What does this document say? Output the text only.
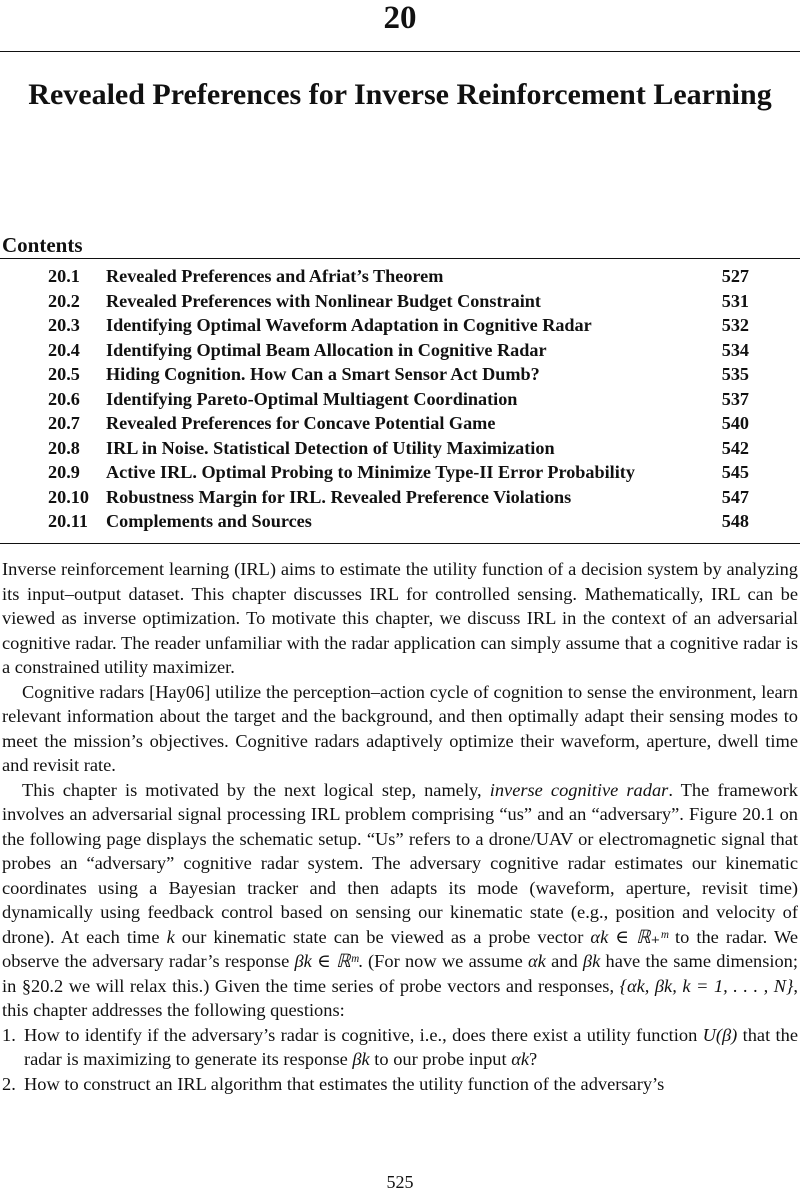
20
Revealed Preferences for Inverse Reinforcement Learning
Contents
20.1 Revealed Preferences and Afriat’s Theorem	527
20.2 Revealed Preferences with Nonlinear Budget Constraint	531
20.3 Identifying Optimal Waveform Adaptation in Cognitive Radar	532
20.4 Identifying Optimal Beam Allocation in Cognitive Radar	534
20.5 Hiding Cognition. How Can a Smart Sensor Act Dumb?	535
20.6 Identifying Pareto-Optimal Multiagent Coordination	537
20.7 Revealed Preferences for Concave Potential Game	540
20.8 IRL in Noise. Statistical Detection of Utility Maximization	542
20.9 Active IRL. Optimal Probing to Minimize Type-II Error Probability	545
20.10 Robustness Margin for IRL. Revealed Preference Violations	547
20.11 Complements and Sources	548

Inverse reinforcement learning (IRL) aims to estimate the utility function of a decision system by analyzing its input–output dataset. This chapter discusses IRL for controlled sensing. Mathematically, IRL can be viewed as inverse optimization. To motivate this chapter, we discuss IRL in the context of an adversarial cognitive radar. The reader unfamiliar with the radar application can simply assume that a cognitive radar is a constrained utility maximizer.

Cognitive radars [Hay06] utilize the perception–action cycle of cognition to sense the environment, learn relevant information about the target and the background, and then optimally adapt their sensing modes to meet the mission’s objectives. Cognitive radars adaptively optimize their waveform, aperture, dwell time and revisit rate.

This chapter is motivated by the next logical step, namely, inverse cognitive radar. The framework involves an adversarial signal processing IRL problem comprising “us” and an “adversary”. Figure 20.1 on the following page displays the schematic setup. “Us” refers to a drone/UAV or electromagnetic signal that probes an “adversary” cognitive radar system. The adversary cognitive radar estimates our kinematic coordinates using a Bayesian tracker and then adapts its mode (waveform, aperture, revisit time) dynamically using feedback control based on sensing our kinematic state (e.g., position and velocity of drone). At each time k our kinematic state can be viewed as a probe vector αk ∈ ℝ₊ᵐ to the radar. We observe the adversary radar’s response βk ∈ ℝᵐ. (For now we assume αk and βk have the same dimension; in §20.2 we will relax this.) Given the time series of probe vectors and responses, {αk, βk, k = 1, . . . , N}, this chapter addresses the following questions:

1. How to identify if the adversary’s radar is cognitive, i.e., does there exist a utility function U(β) that the radar is maximizing to generate its response βk to our probe input αk?
2. How to construct an IRL algorithm that estimates the utility function of the adversary’s
525
